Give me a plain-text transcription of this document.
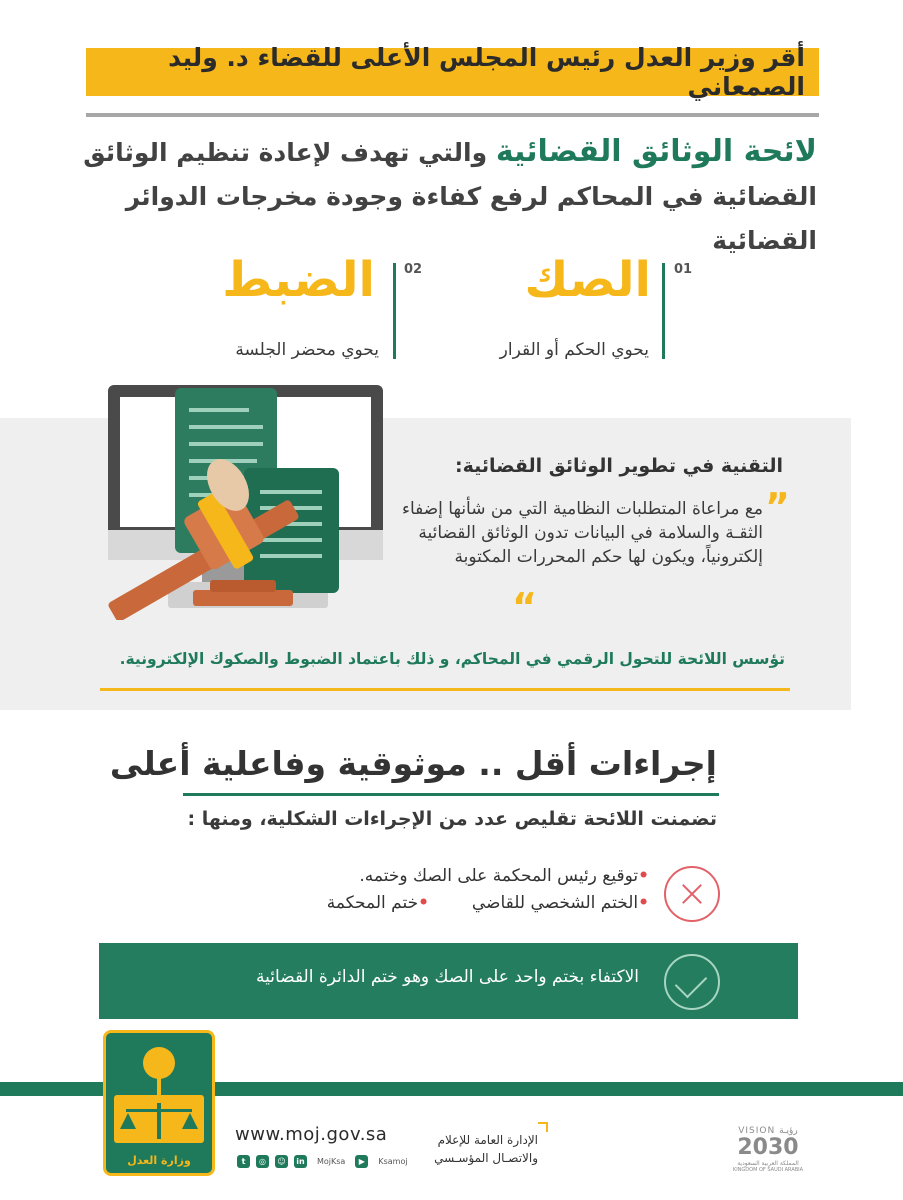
أقر وزير العدل رئيس المجلس الأعلى للقضاء د. وليد الصمعاني
لائحة الوثائق القضائية والتي تهدف لإعادة تنظيم الوثائق
القضائية في المحاكم لرفع كفاءة وجودة مخرجات الدوائر القضائية
01
الصك
يحوي الحكم أو القرار
02
الضبط
يحوي محضر الجلسة
التقنية في تطوير الوثائق القضائية:
”
مع مراعاة المتطلبات النظامية التي من شأنها إضفاء الثقـة والسلامة في البيانات تدون الوثائق القضائية إلكترونياً، ويكون لها حكم المحررات المكتوبة
“
تؤسس اللائحة للتحول الرقمي في المحاكم، و ذلك باعتماد الضبوط والصكوك الإلكترونية.
إجراءات أقل .. موثوقية وفاعلية أعلى
تضمنت اللائحة تقليص عدد من الإجراءات الشكلية، ومنها :
•توقيع رئيس المحكمة على الصك وختمه.
•الختم الشخصي للقاضي
•ختم المحكمة
الاكتفاء بختم واحد على الصك وهو ختم الدائرة القضائية
وزارة العدل
www.moj.gov.sa
t	◎	☺ in MojKsa	▶	Ksamoj
الإدارة العامة للإعلام
والاتصـال المؤسـسي
VISION رؤيـة
2030
المملكة العربية السعودية
KINGDOM OF SAUDI ARABIA
